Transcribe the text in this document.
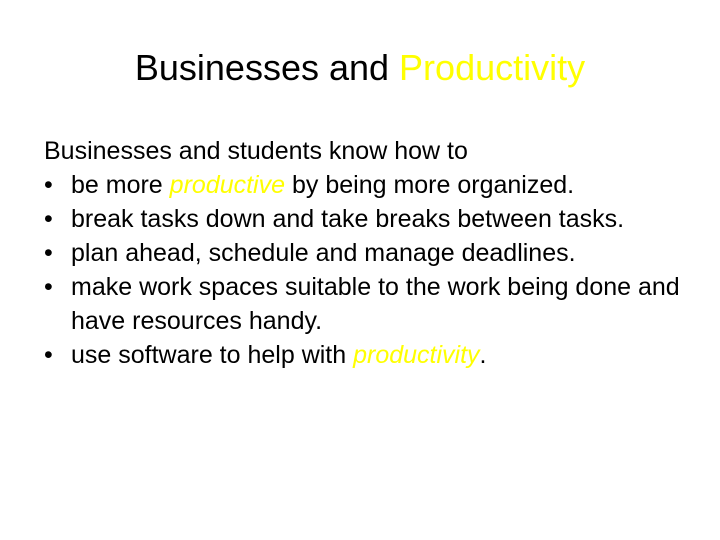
Businesses and Productivity

Businesses and students know how to

• be more productive by being more organized.
• break tasks down and take breaks between tasks.
• plan ahead, schedule and manage deadlines.
• make work spaces suitable to the work being done and have resources handy.
• use software to help with productivity.
